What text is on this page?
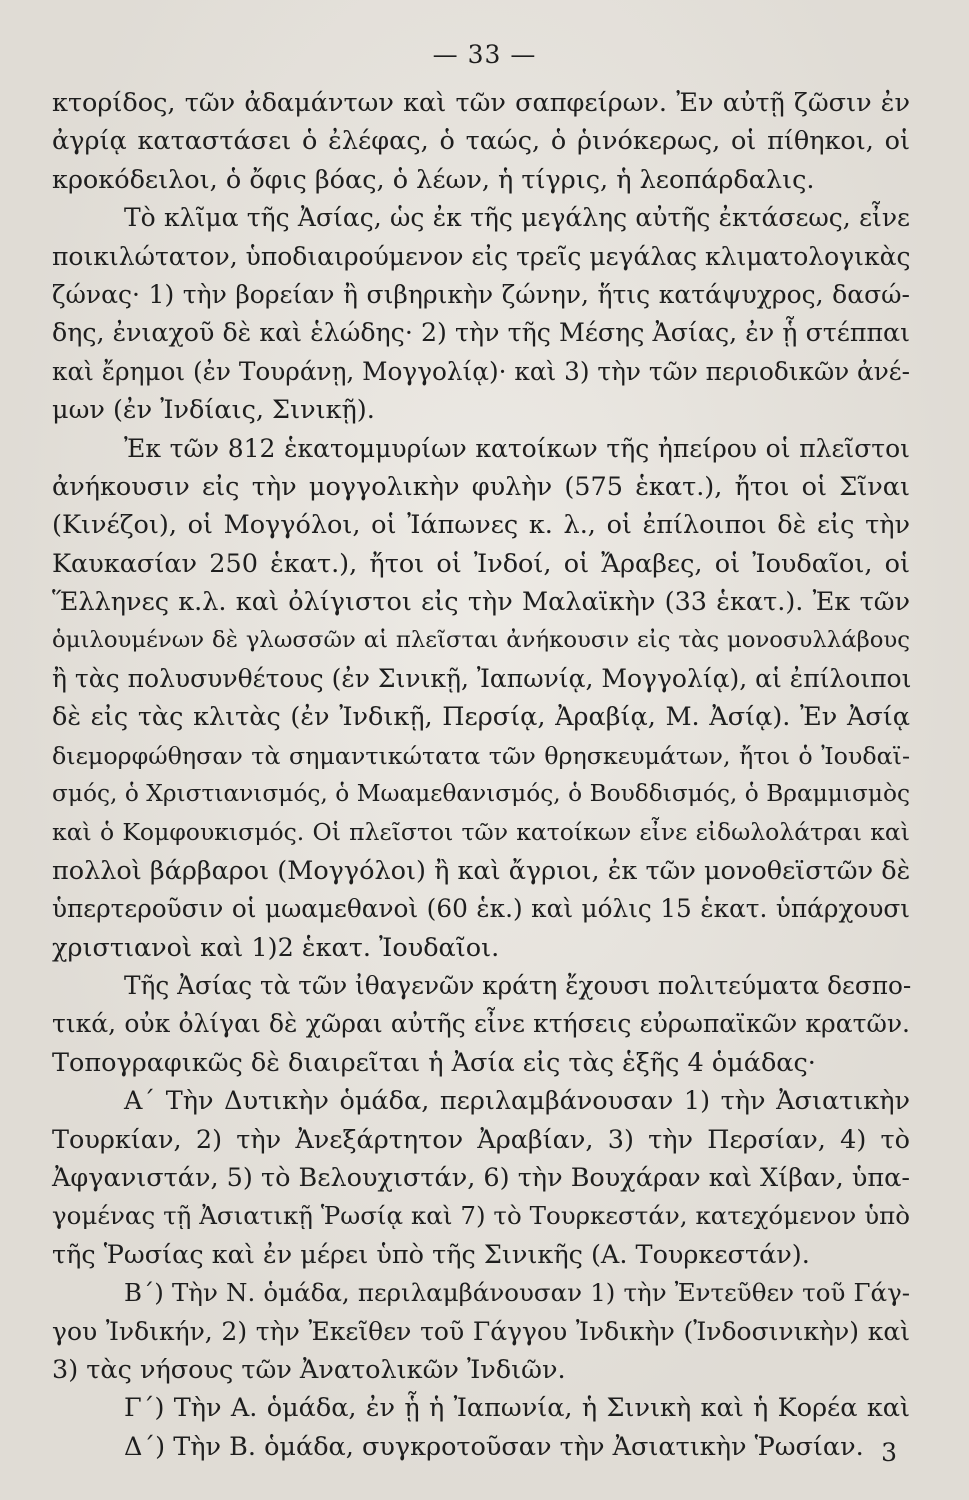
— 33 —
κτορίδος, τῶν ἀδαμάντων καὶ τῶν σαπφείρων. Ἐν αὐτῇ ζῶσιν ἐν
ἀγρίᾳ καταστάσει ὁ ἐλέφας, ὁ ταώς, ὁ ῥινόκερως, οἱ πίθηκοι, οἱ
κροκόδειλοι, ὁ ὄφις βόας, ὁ λέων, ἡ τίγρις, ἡ λεοπάρδαλις.
Τὸ κλῖμα τῆς Ἀσίας, ὡς ἐκ τῆς μεγάλης αὐτῆς ἐκτάσεως, εἶνε
ποικιλώτατον, ὑποδιαιρούμενον εἰς τρεῖς μεγάλας κλιματολογικὰς
ζώνας· 1) τὴν βορείαν ἢ σιβηρικὴν ζώνην, ἥτις κατάψυχρος, δασώ-
δης, ἐνιαχοῦ δὲ καὶ ἑλώδης· 2) τὴν τῆς Μέσης Ἀσίας, ἐν ᾗ στέππαι
καὶ ἔρημοι (ἐν Τουράνῃ, Μογγολίᾳ)· καὶ 3) τὴν τῶν περιοδικῶν ἀνέ-
μων (ἐν Ἰνδίαις, Σινικῇ).
Ἐκ τῶν 812 ἑκατομμυρίων κατοίκων τῆς ἠπείρου οἱ πλεῖστοι
ἀνήκουσιν εἰς τὴν μογγολικὴν φυλὴν (575 ἑκατ.), ἤτοι οἱ Σῖναι
(Κινέζοι), οἱ Μογγόλοι, οἱ Ἰάπωνες κ. λ., οἱ ἐπίλοιποι δὲ εἰς τὴν
Καυκασίαν 250 ἑκατ.), ἤτοι οἱ Ἰνδοί, οἱ Ἄραβες, οἱ Ἰουδαῖοι, οἱ
Ἕλληνες κ.λ. καὶ ὀλίγιστοι εἰς τὴν Μαλαϊκὴν (33 ἑκατ.). Ἐκ τῶν
ὁμιλουμένων δὲ γλωσσῶν αἱ πλεῖσται ἀνήκουσιν εἰς τὰς μονοσυλλάβους
ἢ τὰς πολυσυνθέτους (ἐν Σινικῇ, Ἰαπωνίᾳ, Μογγολίᾳ), αἱ ἐπίλοιποι
δὲ εἰς τὰς κλιτὰς (ἐν Ἰνδικῇ, Περσίᾳ, Ἀραβίᾳ, Μ. Ἀσίᾳ). Ἐν Ἀσίᾳ
διεμορφώθησαν τὰ σημαντικώτατα τῶν θρησκευμάτων, ἤτοι ὁ Ἰουδαϊ-
σμός, ὁ Χριστιανισμός, ὁ Μωαμεθανισμός, ὁ Βουδδισμός, ὁ Βραμμισμὸς
καὶ ὁ Κομφουκισμός. Οἱ πλεῖστοι τῶν κατοίκων εἶνε εἰδωλολάτραι καὶ
πολλοὶ βάρβαροι (Μογγόλοι) ἢ καὶ ἄγριοι, ἐκ τῶν μονοθεϊστῶν δὲ
ὑπερτεροῦσιν οἱ μωαμεθανοὶ (60 ἑκ.) καὶ μόλις 15 ἑκατ. ὑπάρχουσι
χριστιανοὶ καὶ 1)2 ἑκατ. Ἰουδαῖοι.
Τῆς Ἀσίας τὰ τῶν ἰθαγενῶν κράτη ἔχουσι πολιτεύματα δεσπο-
τικά, οὐκ ὀλίγαι δὲ χῶραι αὐτῆς εἶνε κτήσεις εὐρωπαϊκῶν κρατῶν.
Τοπογραφικῶς δὲ διαιρεῖται ἡ Ἀσία εἰς τὰς ἑξῆς 4 ὁμάδας·
Α΄ Τὴν Δυτικὴν ὁμάδα, περιλαμβάνουσαν 1) τὴν Ἀσιατικὴν
Τουρκίαν, 2) τὴν Ἀνεξάρτητον Ἀραβίαν, 3) τὴν Περσίαν, 4) τὸ
Ἀφγανιστάν, 5) τὸ Βελουχιστάν, 6) τὴν Βουχάραν καὶ Χίβαν, ὑπα-
γομένας τῇ Ἀσιατικῇ Ῥωσίᾳ καὶ 7) τὸ Τουρκεστάν, κατεχόμενον ὑπὸ
τῆς Ῥωσίας καὶ ἐν μέρει ὑπὸ τῆς Σινικῆς (Α. Τουρκεστάν).
Β΄) Τὴν Ν. ὁμάδα, περιλαμβάνουσαν 1) τὴν Ἐντεῦθεν τοῦ Γάγ-
γου Ἰνδικήν, 2) τὴν Ἐκεῖθεν τοῦ Γάγγου Ἰνδικὴν (Ἰνδοσινικὴν) καὶ
3) τὰς νήσους τῶν Ἀνατολικῶν Ἰνδιῶν.
Γ΄) Τὴν Α. ὁμάδα, ἐν ᾗ ἡ Ἰαπωνία, ἡ Σινικὴ καὶ ἡ Κορέα καὶ
Δ΄) Τὴν Β. ὁμάδα, συγκροτοῦσαν τὴν Ἀσιατικὴν Ῥωσίαν. 3
